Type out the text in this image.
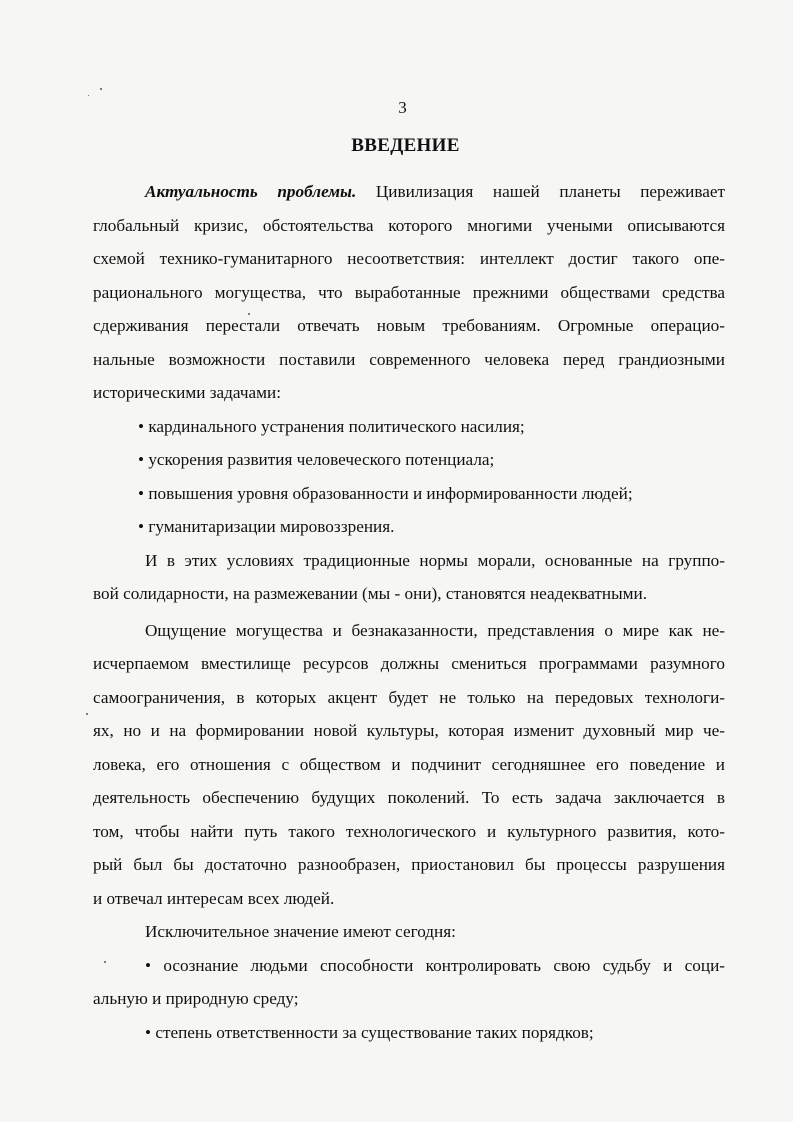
3
ВВЕДЕНИЕ
Актуальность проблемы. Цивилизация нашей планеты переживает
глобальный кризис, обстоятельства которого многими учеными описываются
схемой технико-гуманитарного несоответствия: интеллект достиг такого опе-
рационального могущества, что выработанные прежними обществами средства
сдерживания перестали отвечать новым требованиям. Огромные операцио-
нальные возможности поставили современного человека перед грандиозными
историческими задачами:
• кардинального устранения политического насилия;
• ускорения развития человеческого потенциала;
• повышения уровня образованности и информированности людей;
• гуманитаризации мировоззрения.
И в этих условиях традиционные нормы морали, основанные на группо-
вой солидарности, на размежевании (мы - они), становятся неадекватными.
Ощущение могущества и безнаказанности, представления о мире как не-
исчерпаемом вместилище ресурсов должны смениться программами разумного
самоограничения, в которых акцент будет не только на передовых технологи-
ях, но и на формировании новой культуры, которая изменит духовный мир че-
ловека, его отношения с обществом и подчинит сегодняшнее его поведение и
деятельность обеспечению будущих поколений. То есть задача заключается в
том, чтобы найти путь такого технологического и культурного развития, кото-
рый был бы достаточно разнообразен, приостановил бы процессы разрушения
и отвечал интересам всех людей.
Исключительное значение имеют сегодня:
• осознание людьми способности контролировать свою судьбу и соци-
альную и природную среду;
• степень ответственности за существование таких порядков;
